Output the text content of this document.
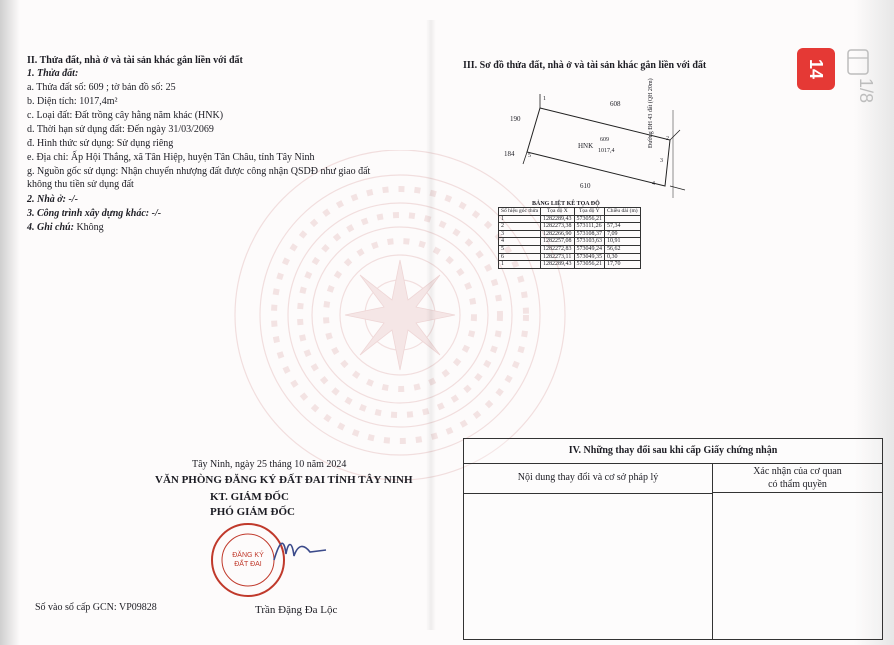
II. Thửa đất, nhà ở và tài sản khác gắn liền với đất
1. Thửa đất:
a. Thửa đất số: 609 ; tờ bản đồ số: 25
b. Diện tích: 1017,4m²
c. Loại đất: Đất trồng cây hằng năm khác (HNK)
d. Thời hạn sử dụng đất: Đến ngày 31/03/2069
đ. Hình thức sử dụng: Sử dụng riêng
e. Địa chỉ: Ấp Hội Thắng, xã Tân Hiệp, huyện Tân Châu, tỉnh Tây Ninh
g. Nguồn gốc sử dụng: Nhận chuyển nhượng đất được công nhận QSDĐ như giao đất
không thu tiền sử dụng đất
2. Nhà ở: -/-
3. Công trình xây dựng khác: -/-
4. Ghi chú: Không
Tây Ninh, ngày 25 tháng 10 năm 2024
VĂN PHÒNG ĐĂNG KÝ ĐẤT ĐAI TỈNH TÂY NINH
KT. GIÁM ĐỐC
PHÓ GIÁM ĐỐC
ĐĂNG KÝ
ĐẤT ĐAI
Trần Đặng Đa Lộc
Số vào sổ cấp GCN: VP09828
III. Sơ đồ thửa đất, nhà ở và tài sản khác gắn liền với đất
608
190
184
610
HNK
609
1017,4
1
2
3
4
5
Đường ĐH 43 đất (QH 20m)
BẢNG LIỆT KÊ TỌA ĐỘ
Số hiệu góc thửa	Tọa độ X	Tọa độ Y	Chiều dài (m)
1	1282289,43	573056,21	
2	1282273,38	573111,26	57,34
3	1282266,90	573108,37	7,09
4	1282257,08	573103,63	10,91
5	1282272,83	573049,24	56,62
6	1282273,11	573049,35	0,30
1	1282289,43	573056,21	17,70
IV. Những thay đổi sau khi cấp Giấy chứng nhận
Nội dung thay đổi và cơ sở pháp lý
Xác nhận của cơ quan
có thẩm quyền
14
1/8
